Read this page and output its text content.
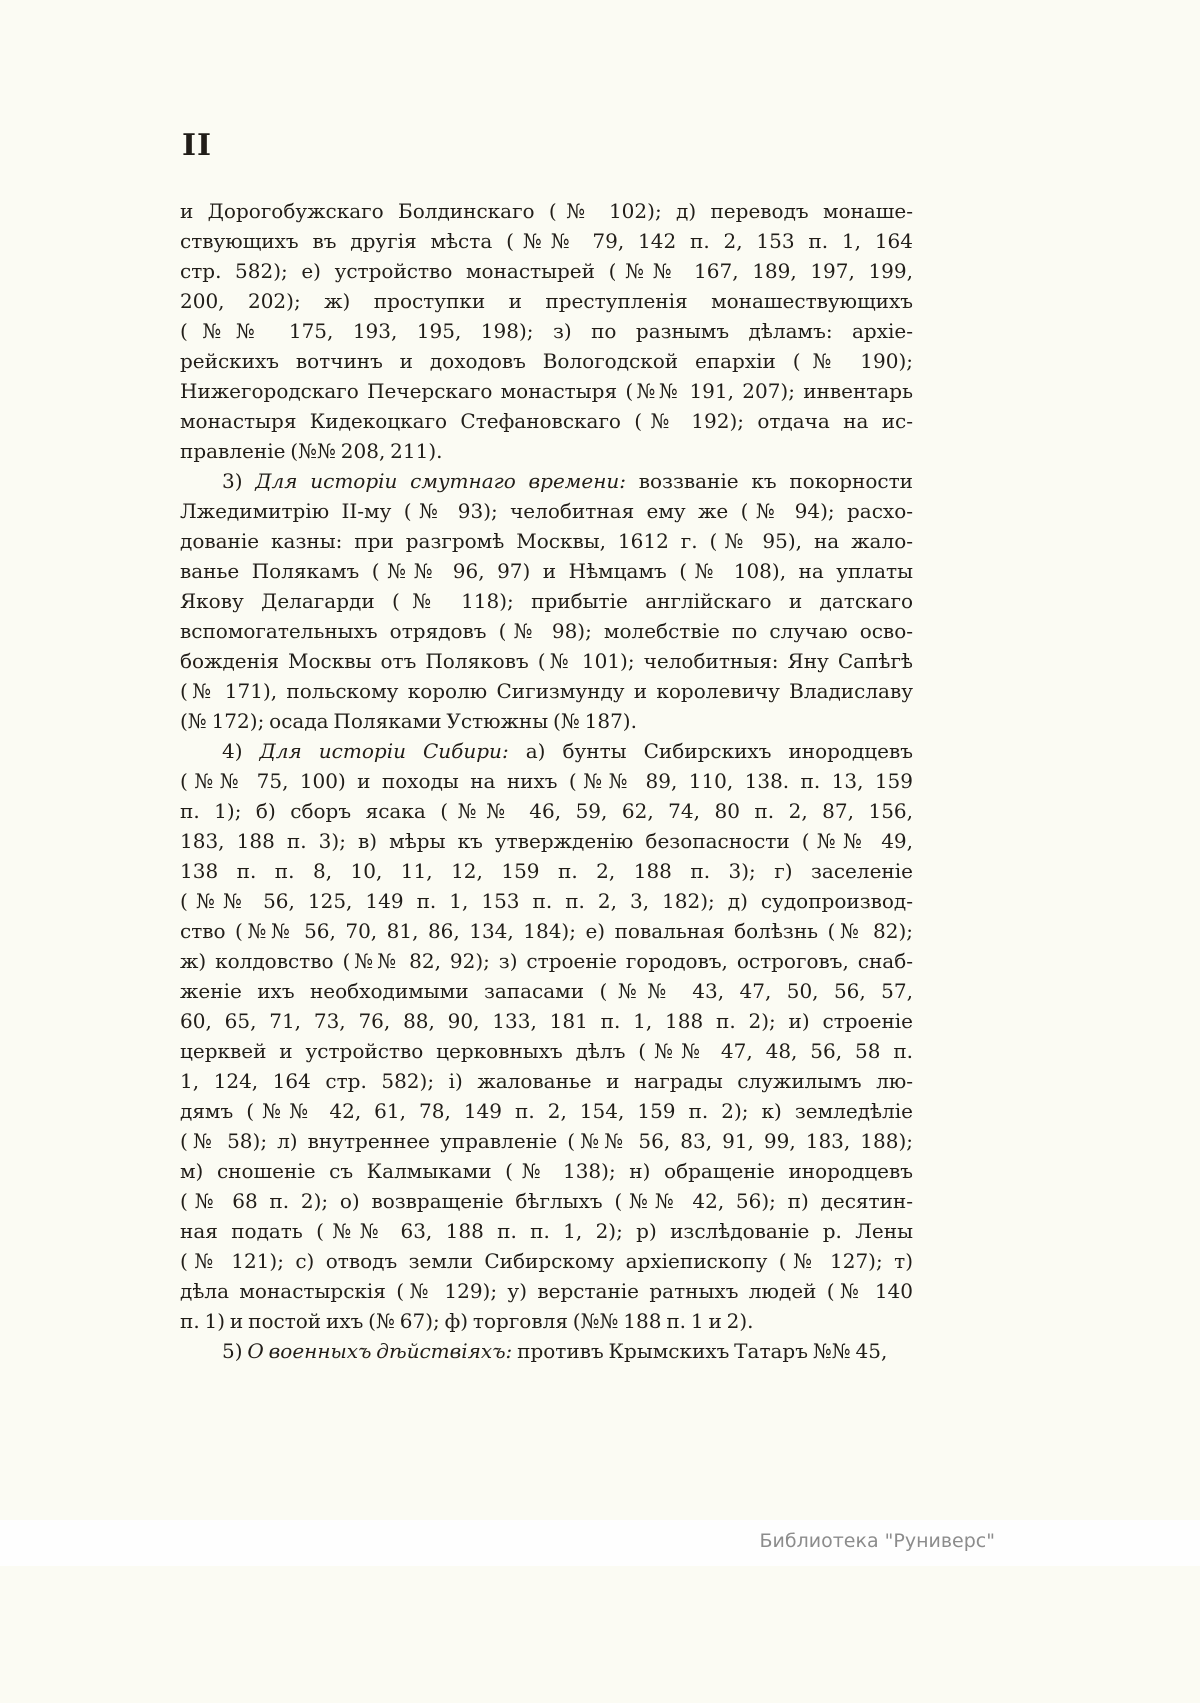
II
и Дорогобужскаго Болдинскаго (№ 102); д) переводъ монаше-
ствующихъ въ другія мѣста (№№ 79, 142 п. 2, 153 п. 1, 164
стр. 582); е) устройство монастырей (№№ 167, 189, 197, 199,
200, 202); ж) проступки и преступленія монашествующихъ
(№№ 175, 193, 195, 198); з) по разнымъ дѣламъ: архіе-
рейскихъ вотчинъ и доходовъ Вологодской епархіи (№ 190);
Нижегородскаго Печерскаго монастыря (№№ 191, 207); инвентарь
монастыря Кидекоцкаго Стефановскаго (№ 192); отдача на ис-
правленіе (№№ 208, 211).
3) Для исторіи смутнаго времени: воззваніе къ покорности
Лжедимитрію II-му (№ 93); челобитная ему же (№ 94); расхо-
дованіе казны: при разгромѣ Москвы, 1612 г. (№ 95), на жало-
ванье Полякамъ (№№ 96, 97) и Нѣмцамъ (№ 108), на уплаты
Якову Делагарди (№ 118); прибытіе англійскаго и датскаго
вспомогательныхъ отрядовъ (№ 98); молебствіе по случаю осво-
божденія Москвы отъ Поляковъ (№ 101); челобитныя: Яну Сапѣгѣ
(№ 171), польскому королю Сигизмунду и королевичу Владиславу
(№ 172); осада Поляками Устюжны (№ 187).
4) Для исторіи Сибири: а) бунты Сибирскихъ инородцевъ
(№№ 75, 100) и походы на нихъ (№№ 89, 110, 138. п. 13, 159
п. 1); б) сборъ ясака (№№ 46, 59, 62, 74, 80 п. 2, 87, 156,
183, 188 п. 3); в) мѣры къ утвержденію безопасности (№№ 49,
138 п. п. 8, 10, 11, 12, 159 п. 2, 188 п. 3); г) заселеніе
(№№ 56, 125, 149 п. 1, 153 п. п. 2, 3, 182); д) судопроизвод-
ство (№№ 56, 70, 81, 86, 134, 184); е) повальная болѣзнь (№ 82);
ж) колдовство (№№ 82, 92); з) строеніе городовъ, остроговъ, снаб-
женіе ихъ необходимыми запасами (№№ 43, 47, 50, 56, 57,
60, 65, 71, 73, 76, 88, 90, 133, 181 п. 1, 188 п. 2); и) строеніе
церквей и устройство церковныхъ дѣлъ (№№ 47, 48, 56, 58 п.
1, 124, 164 стр. 582); і) жалованье и награды служилымъ лю-
дямъ (№№ 42, 61, 78, 149 п. 2, 154, 159 п. 2); к) земледѣліе
(№ 58); л) внутреннее управленіе (№№ 56, 83, 91, 99, 183, 188);
м) сношеніе съ Калмыками (№ 138); н) обращеніе инородцевъ
(№ 68 п. 2); о) возвращеніе бѣглыхъ (№№ 42, 56); п) десятин-
ная подать (№№ 63, 188 п. п. 1, 2); р) изслѣдованіе р. Лены
(№ 121); с) отводъ земли Сибирскому архіепископу (№ 127); т)
дѣла монастырскія (№ 129); у) верстаніе ратныхъ людей (№ 140
п. 1) и постой ихъ (№ 67); ф) торговля (№№ 188 п. 1 и 2).
5) О военныхъ дѣйствіяхъ: противъ Крымскихъ Татаръ №№ 45,
Библиотека "Руниверс"
